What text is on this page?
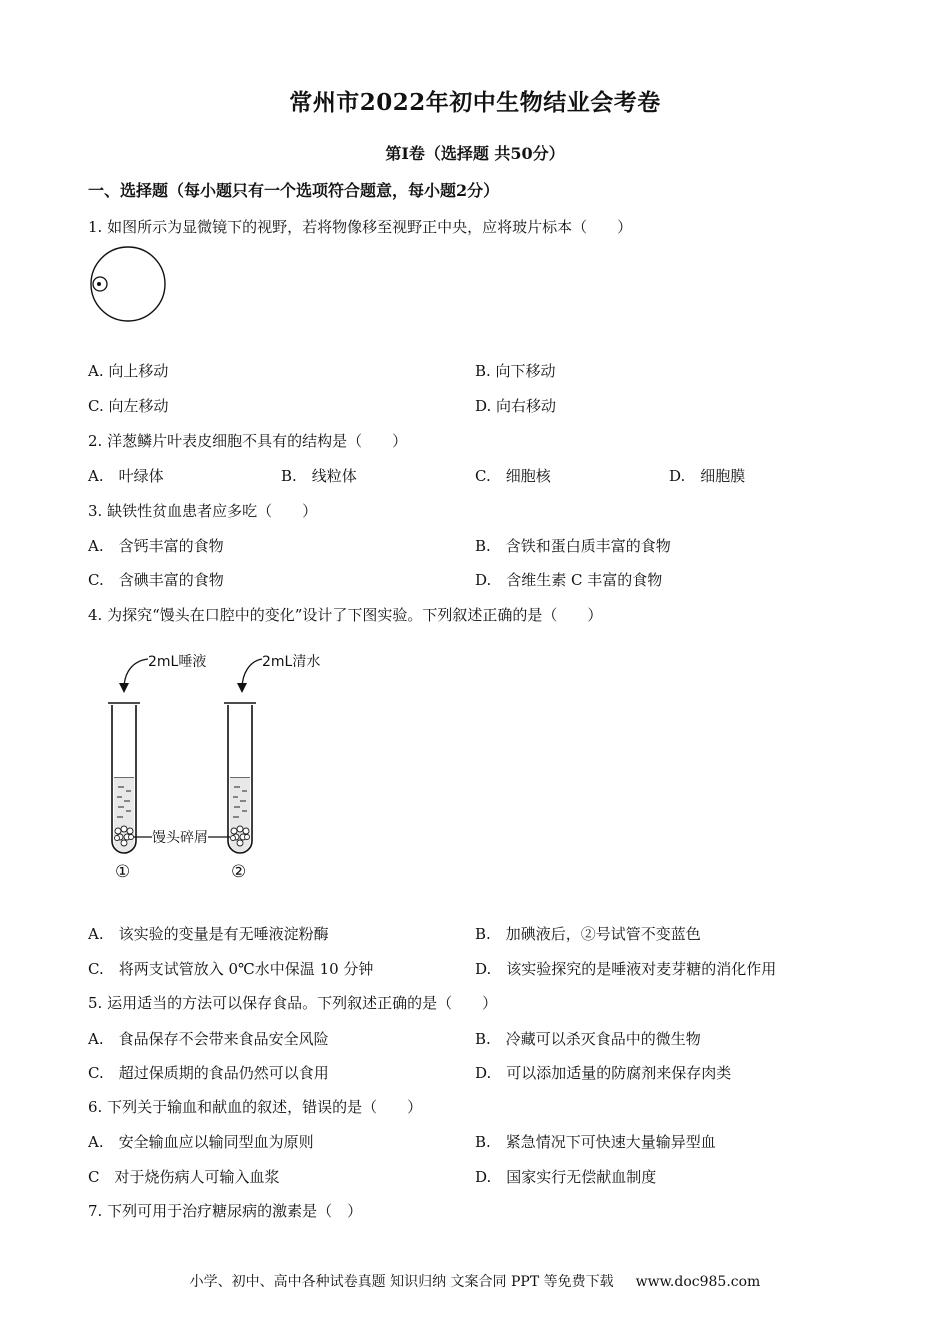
常州市2022年初中生物结业会考卷
第Ⅰ卷（选择题 共50分）
一、选择题（每小题只有一个选项符合题意，每小题2分）
1. 如图所示为显微镜下的视野，若将物像移至视野正中央，应将玻片标本（　　）
A. 向上移动	B. 向下移动
C. 向左移动	D. 向右移动
2. 洋葱鳞片叶表皮细胞不具有的结构是（　　）
A.　叶绿体	B.　线粒体	C.　细胞核	D.　细胞膜
3. 缺铁性贫血患者应多吃（　　）
A.　含钙丰富的食物	B.　含铁和蛋白质丰富的食物
C.　含碘丰富的食物	D.　含维生素 C 丰富的食物
4. 为探究“馒头在口腔中的变化”设计了下图实验。下列叙述正确的是（　　）
2mL唾液	2mL清水
馒头碎屑
①	②
A.　该实验的变量是有无唾液淀粉酶	B.　加碘液后，②号试管不变蓝色
C.　将两支试管放入 0℃水中保温 10 分钟	D.　该实验探究的是唾液对麦芽糖的消化作用
5. 运用适当的方法可以保存食品。下列叙述正确的是（　　）
A.　食品保存不会带来食品安全风险	B.　冷藏可以杀灭食品中的微生物
C.　超过保质期的食品仍然可以食用	D.　可以添加适量的防腐剂来保存肉类
6. 下列关于输血和献血的叙述，错误的是（　　）
A.　安全输血应以输同型血为原则	B.　紧急情况下可快速大量输异型血
C　对于烧伤病人可输入血浆	D.　国家实行无偿献血制度
7. 下列可用于治疗糖尿病的激素是（　）
小学、初中、高中各种试卷真题 知识归纳 文案合同 PPT 等免费下载 www.doc985.com
